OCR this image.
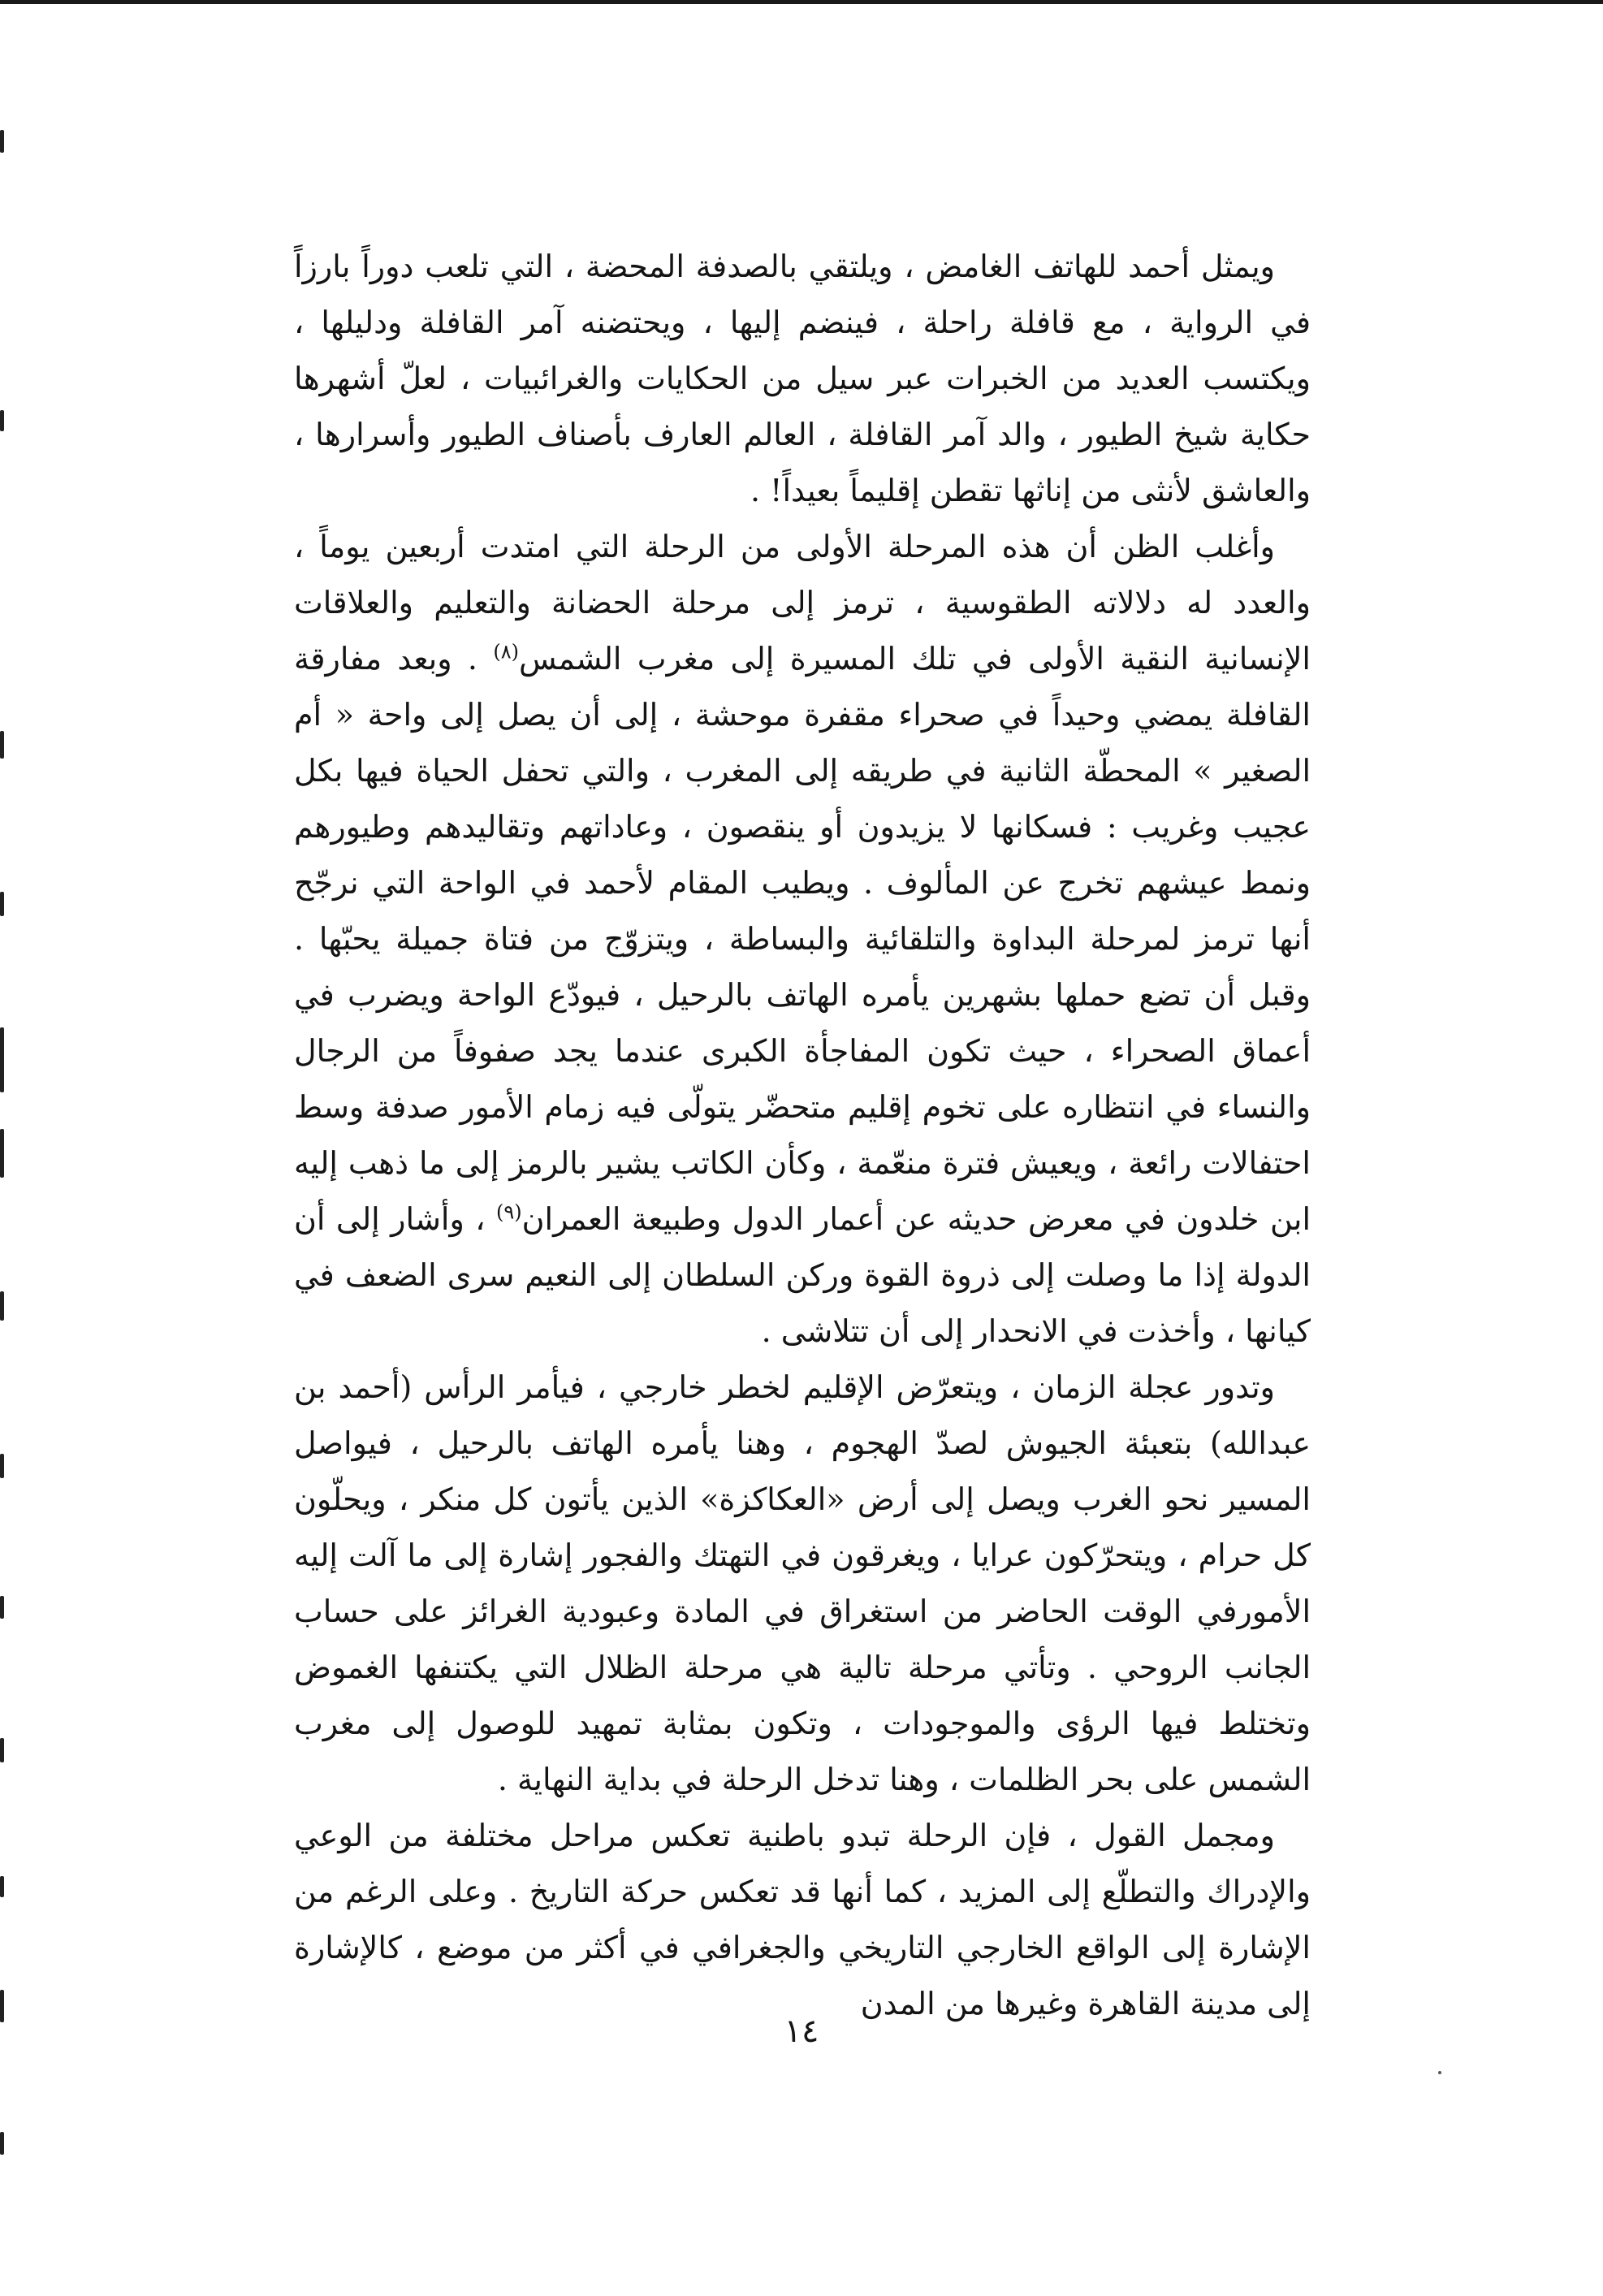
ويمثل أحمد للهاتف الغامض ، ويلتقي بالصدفة المحضة ، التي تلعب دوراً بارزاً في الرواية ، مع قافلة راحلة ، فينضم إليها ، ويحتضنه آمر القافلة ودليلها ، ويكتسب العديد من الخبرات عبر سيل من الحكايات والغرائبيات ، لعلّ أشهرها حكاية شيخ الطيور ، والد آمر القافلة ، العالم العارف بأصناف الطيور وأسرارها ، والعاشق لأنثى من إناثها تقطن إقليماً بعيداً! .

وأغلب الظن أن هذه المرحلة الأولى من الرحلة التي امتدت أربعين يوماً ، والعدد له دلالاته الطقوسية ، ترمز إلى مرحلة الحضانة والتعليم والعلاقات الإنسانية النقية الأولى في تلك المسيرة إلى مغرب الشمس$^{(٨)}$ . وبعد مفارقة القافلة يمضي وحيداً في صحراء مقفرة موحشة ، إلى أن يصل إلى واحة « أم الصغير » المحطّة الثانية في طريقه إلى المغرب ، والتي تحفل الحياة فيها بكل عجيب وغريب : فسكانها لا يزيدون أو ينقصون ، وعاداتهم وتقاليدهم وطيورهم ونمط عيشهم تخرج عن المألوف . ويطيب المقام لأحمد في الواحة التي نرجّح أنها ترمز لمرحلة البداوة والتلقائية والبساطة ، ويتزوّج من فتاة جميلة يحبّها . وقبل أن تضع حملها بشهرين يأمره الهاتف بالرحيل ، فيودّع الواحة ويضرب في أعماق الصحراء ، حيث تكون المفاجأة الكبرى عندما يجد صفوفاً من الرجال والنساء في انتظاره على تخوم إقليم متحضّر يتولّى فيه زمام الأمور صدفة وسط احتفالات رائعة ، ويعيش فترة منعّمة ، وكأن الكاتب يشير بالرمز إلى ما ذهب إليه ابن خلدون في معرض حديثه عن أعمار الدول وطبيعة العمران$^{(٩)}$ ، وأشار إلى أن الدولة إذا ما وصلت إلى ذروة القوة وركن السلطان إلى النعيم سرى الضعف في كيانها ، وأخذت في الانحدار إلى أن تتلاشى .

وتدور عجلة الزمان ، ويتعرّض الإقليم لخطر خارجي ، فيأمر الرأس (أحمد بن عبدالله) بتعبئة الجيوش لصدّ الهجوم ، وهنا يأمره الهاتف بالرحيل ، فيواصل المسير نحو الغرب ويصل إلى أرض «العكاكزة» الذين يأتون كل منكر ، ويحلّون كل حرام ، ويتحرّكون عرايا ، ويغرقون في التهتك والفجور إشارة إلى ما آلت إليه الأمورفي الوقت الحاضر من استغراق في المادة وعبودية الغرائز على حساب الجانب الروحي . وتأتي مرحلة تالية هي مرحلة الظلال التي يكتنفها الغموض وتختلط فيها الرؤى والموجودات ، وتكون بمثابة تمهيد للوصول إلى مغرب الشمس على بحر الظلمات ، وهنا تدخل الرحلة في بداية النهاية .

ومجمل القول ، فإن الرحلة تبدو باطنية تعكس مراحل مختلفة من الوعي والإدراك والتطلّع إلى المزيد ، كما أنها قد تعكس حركة التاريخ . وعلى الرغم من الإشارة إلى الواقع الخارجي التاريخي والجغرافي في أكثر من موضع ، كالإشارة إلى مدينة القاهرة وغيرها من المدن

١٤
